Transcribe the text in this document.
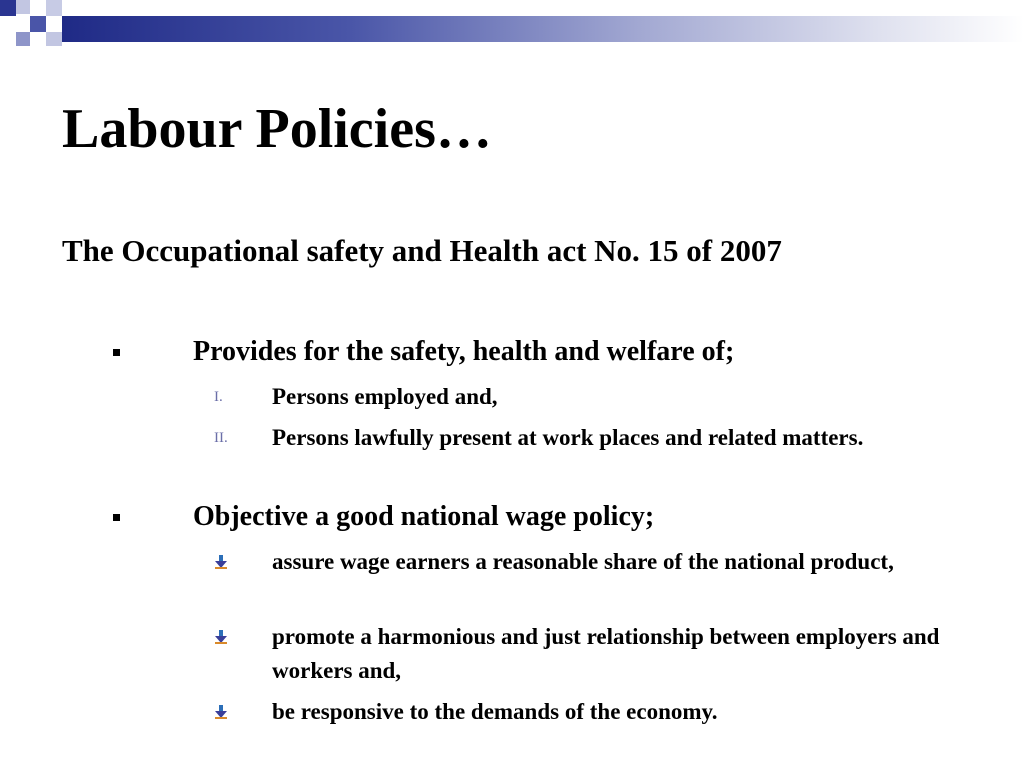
Labour Policies…
The Occupational safety and Health act No. 15 of 2007
Provides for the safety, health and welfare of;
I. Persons employed and,
II. Persons lawfully present at work places and related matters.
Objective a good national wage policy;
assure wage earners a reasonable share of the national product,
promote a harmonious and just relationship between employers and workers and,
be responsive to the demands of the economy.
